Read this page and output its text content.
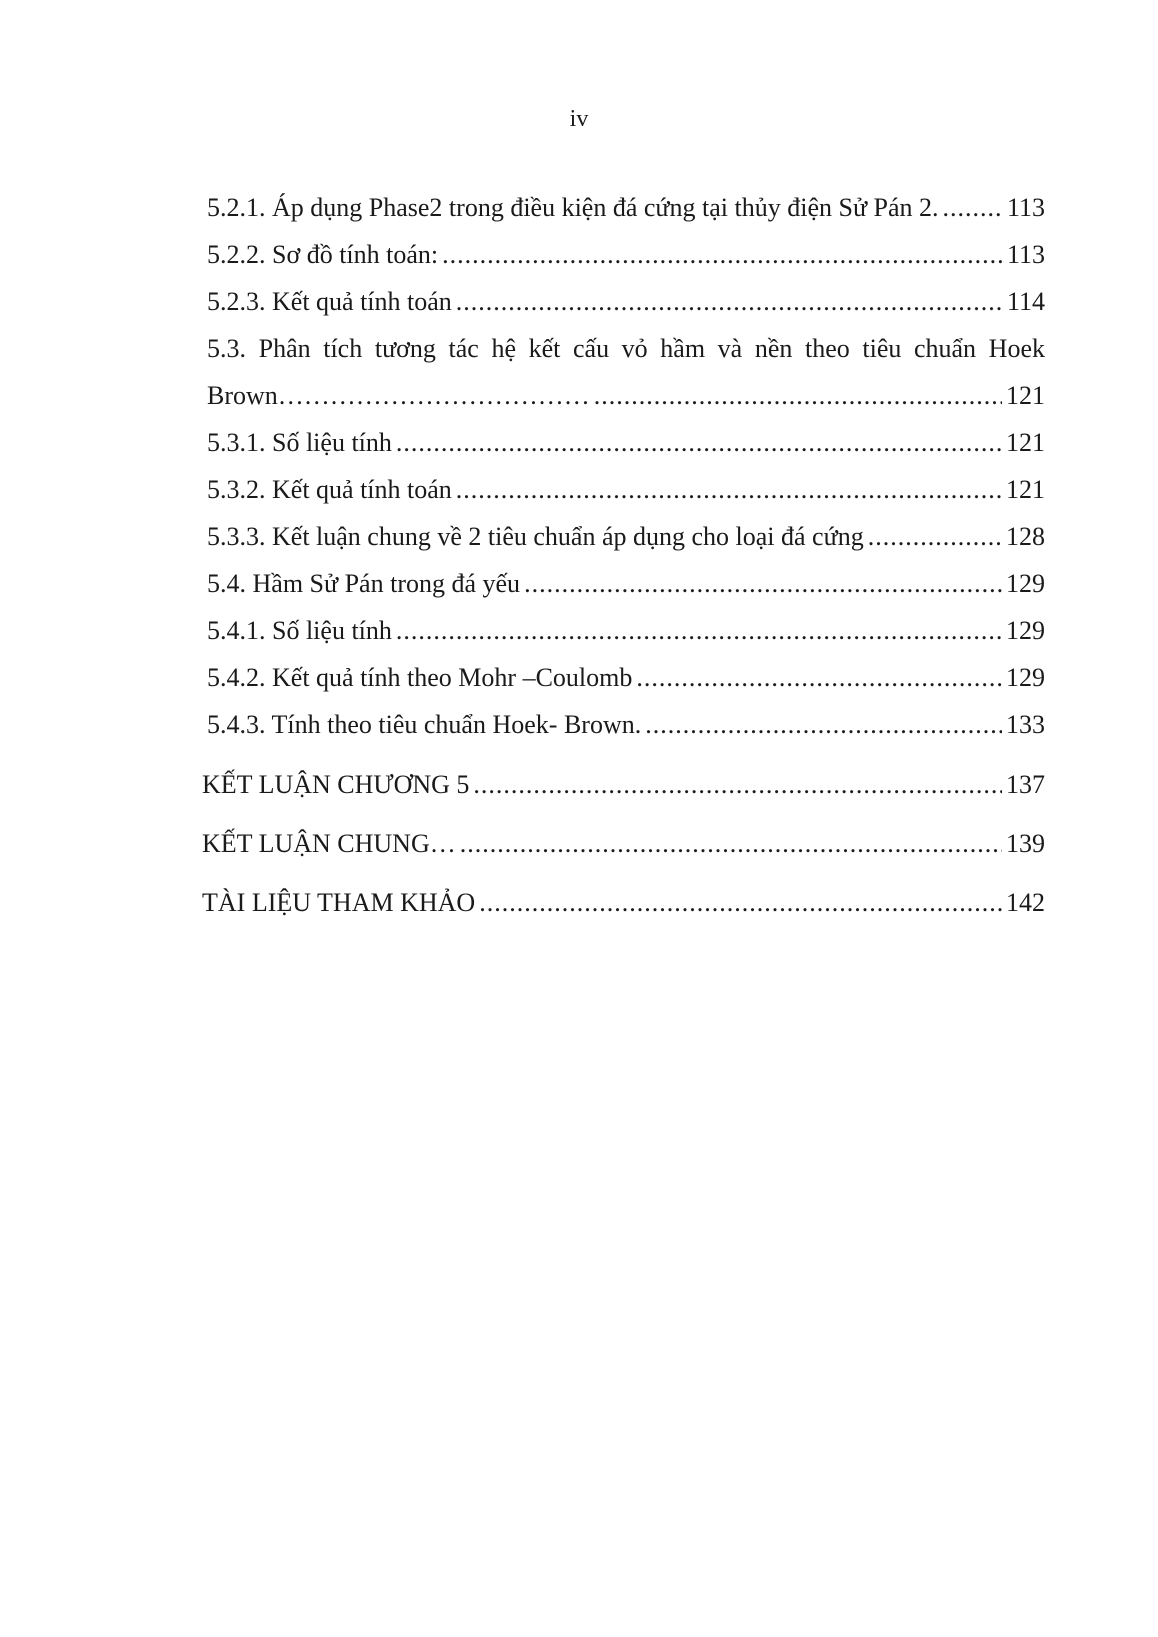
iv
5.2.1. Áp dụng Phase2 trong điều kiện đá cứng tại thủy điện Sử Pán 2. .....	113
5.2.2. Sơ đồ tính toán: .....	113
5.2.3. Kết quả tính toán .....	114
5.3. Phân tích tương tác hệ kết cấu vỏ hầm và nền theo tiêu chuẩn Hoek
Brown……………………………… .....	121
5.3.1. Số liệu tính .....	121
5.3.2. Kết quả tính toán .....	121
5.3.3. Kết luận chung về 2 tiêu chuẩn áp dụng cho loại đá cứng .....	128
5.4. Hầm Sử Pán trong đá yếu .....	129
5.4.1. Số liệu tính .....	129
5.4.2. Kết quả tính theo Mohr –Coulomb .....	129
5.4.3. Tính theo tiêu chuẩn Hoek- Brown. .....	133
KẾT LUẬN CHƯƠNG 5 .....	137
KẾT LUẬN CHUNG… .....	139
TÀI LIỆU THAM KHẢO .....	142
